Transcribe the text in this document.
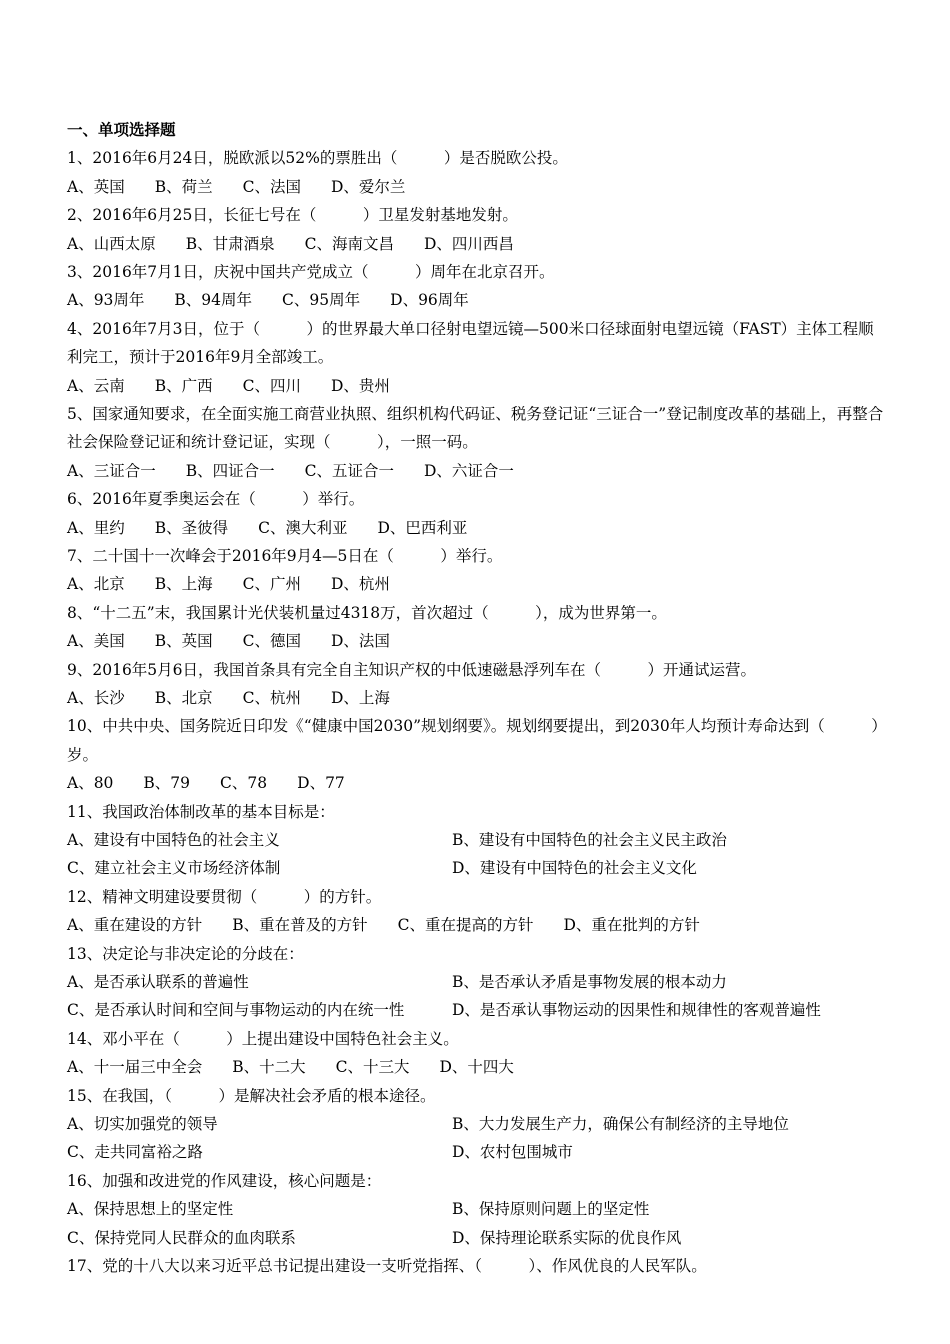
一、单项选择题
1、2016年6月24日，脱欧派以52%的票胜出（　　　）是否脱欧公投。
A、英国 B、荷兰 C、法国 D、爱尔兰
2、2016年6月25日，长征七号在（　　　）卫星发射基地发射。
A、山西太原 B、甘肃酒泉 C、海南文昌 D、四川西昌
3、2016年7月1日，庆祝中国共产党成立（　　　）周年在北京召开。
A、93周年 B、94周年 C、95周年 D、96周年
4、2016年7月3日，位于（　　　）的世界最大单口径射电望远镜—500米口径球面射电望远镜（FAST）主体工程顺利完工，预计于2016年9月全部竣工。
A、云南 B、广西 C、四川 D、贵州
5、国家通知要求，在全面实施工商营业执照、组织机构代码证、税务登记证“三证合一”登记制度改革的基础上，再整合社会保险登记证和统计登记证，实现（　　　），一照一码。
A、三证合一 B、四证合一 C、五证合一 D、六证合一
6、2016年夏季奥运会在（　　　）举行。
A、里约 B、圣彼得 C、澳大利亚 D、巴西利亚
7、二十国十一次峰会于2016年9月4—5日在（　　　）举行。
A、北京 B、上海 C、广州 D、杭州
8、“十二五”末，我国累计光伏装机量过4318万，首次超过（　　　），成为世界第一。
A、美国 B、英国 C、德国 D、法国
9、2016年5月6日，我国首条具有完全自主知识产权的中低速磁悬浮列车在（　　　）开通试运营。
A、长沙 B、北京 C、杭州 D、上海
10、中共中央、国务院近日印发《“健康中国2030”规划纲要》。规划纲要提出，到2030年人均预计寿命达到（　　　）岁。
A、80 B、79 C、78 D、77
11、我国政治体制改革的基本目标是：
A、建设有中国特色的社会主义	B、建设有中国特色的社会主义民主政治
C、建立社会主义市场经济体制	D、建设有中国特色的社会主义文化
12、精神文明建设要贯彻（　　　）的方针。
A、重在建设的方针 B、重在普及的方针 C、重在提高的方针 D、重在批判的方针
13、决定论与非决定论的分歧在：
A、是否承认联系的普遍性	B、是否承认矛盾是事物发展的根本动力
C、是否承认时间和空间与事物运动的内在统一性	D、是否承认事物运动的因果性和规律性的客观普遍性
14、邓小平在（　　　）上提出建设中国特色社会主义。
A、十一届三中全会 B、十二大 C、十三大 D、十四大
15、在我国，（　　　）是解决社会矛盾的根本途径。
A、切实加强党的领导	B、大力发展生产力，确保公有制经济的主导地位
C、走共同富裕之路	D、农村包围城市
16、加强和改进党的作风建设，核心问题是：
A、保持思想上的坚定性	B、保持原则问题上的坚定性
C、保持党同人民群众的血肉联系	D、保持理论联系实际的优良作风
17、党的十八大以来习近平总书记提出建设一支听党指挥、（　　　）、作风优良的人民军队。
